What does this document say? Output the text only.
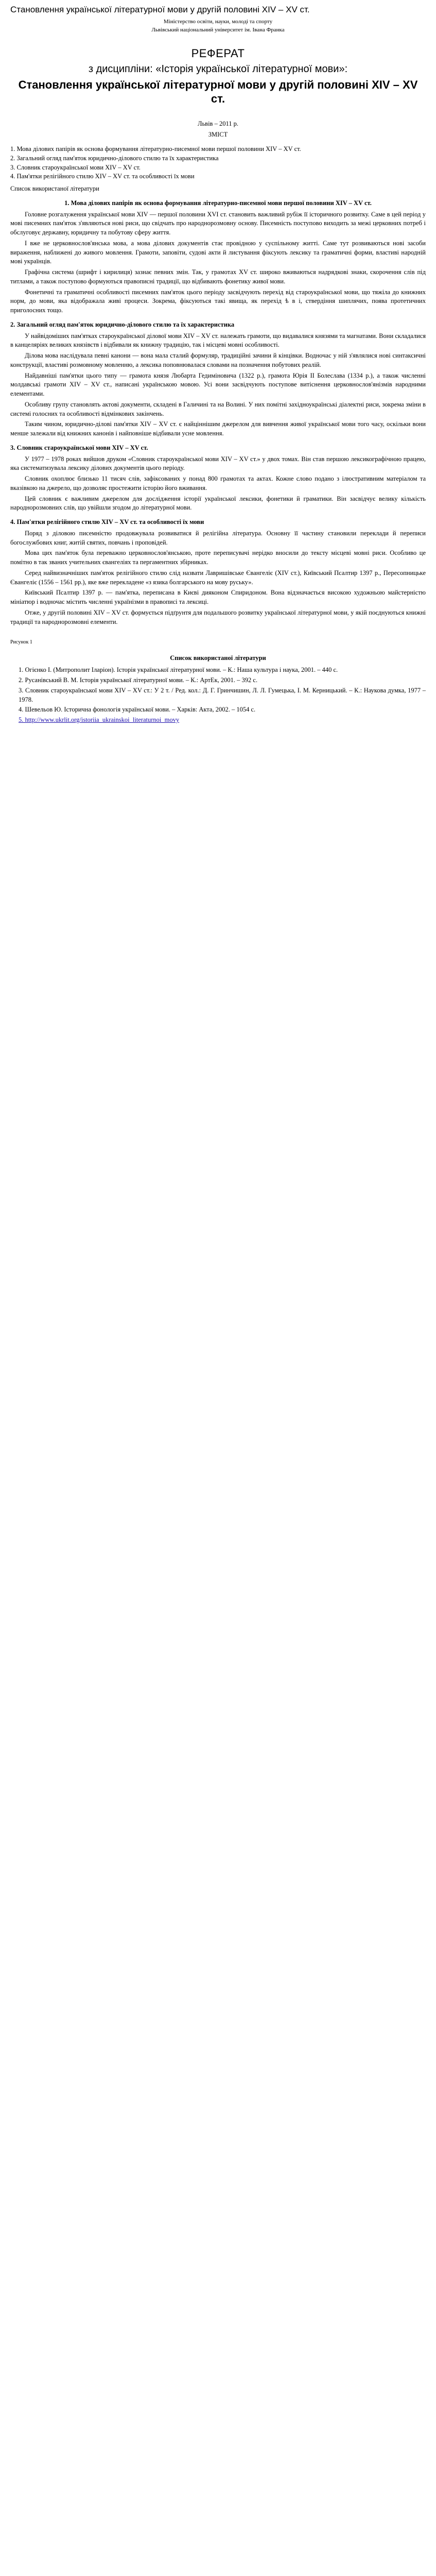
Становлення української літературної мови у другій половині XIV – XV ст.
Міністерство освіти, науки, молоді та спорту
Львівський національний університет ім. Івана Франка
РЕФЕРАТ
з дисципліни: «Історія української літературної мови»:
Становлення української літературної мови у другій половині XIV – XV ст.
Львів – 2011 р.
ЗМІСТ
1. Мова ділових папірів як основа формування літературно-писемної мови першої половини XIV – XV ст.
2. Загальний огляд пам'яток юридично-ділового стилю та їх характеристика
3. Словник староукраїнської мови XIV – XV ст.
4. Пам'ятки релігійного стилю XIV – XV ст. та особливості їх мови
Список використаної літератури
1. Мова ділових папірів як основа формування літературно-писемної мови першої половини XIV – XV ст.

Головне розгалуження української мови XIV — першої половини XVI ст. становить важливий рубіж її історичного розвитку. Саме в цей період у мові писемних пам'яток з'являються нові риси, що свідчать про народнорозмовну основу. Писемність поступово виходить за межі церковних потреб і обслуговує державну, юридичну та побутову сферу життя.

І вже не церковнослов'янська мова, а мова ділових документів стає провідною у суспільному житті. Саме тут розвиваються нові засоби вираження, наближені до живого мовлення. Грамоти, заповіти, судові акти й листування фіксують лексику та граматичні форми, властиві народній мові українців.

Графічна система (шрифт і кирилиця) зазнає певних змін. Так, у грамотах XV ст. широко вживаються надрядкові знаки, скорочення слів під титлами, а також поступово формуються правописні традиції, що відбивають фонетику живої мови.

Фонетичні та граматичні особливості писемних пам'яток цього періоду засвідчують перехід від староукраїнської мови, що тяжіла до книжних норм, до мови, яка відображала живі процеси. Зокрема, фіксуються такі явища, як перехід ѣ в і, ствердіння шиплячих, поява протетичних приголосних тощо.

2. Загальний огляд пам'яток юридично-ділового стилю та їх характеристика

У найвідоміших пам'ятках староукраїнської ділової мови XIV – XV ст. належать грамоти, що видавалися князями та магнатами. Вони складалися в канцеляріях великих князівств і відбивали як книжну традицію, так і місцеві мовні особливості.

Ділова мова наслідувала певні канони — вона мала сталий формуляр, традиційні зачини й кінцівки. Водночас у ній з'являлися нові синтаксичні конструкції, властиві розмовному мовленню, а лексика поповнювалася словами на позначення побутових реалій.

Найдавніші пам'ятки цього типу — грамота князя Любарта Гедиміновича (1322 р.), грамота Юрія II Болеслава (1334 р.), а також численні молдавські грамоти XIV – XV ст., написані українською мовою. Усі вони засвідчують поступове витіснення церковнослов'янізмів народними елементами.

Особливу групу становлять актові документи, складені в Галичині та на Волині. У них помітні західноукраїнські діалектні риси, зокрема зміни в системі голосних та особливості відмінкових закінчень.

Таким чином, юридично-ділові пам'ятки XIV – XV ст. є найціннішим джерелом для вивчення живої української мови того часу, оскільки вони менше залежали від книжних канонів і найповніше відбивали усне мовлення.

3. Словник староукраїнської мови XIV – XV ст.

У 1977 – 1978 роках вийшов друком «Словник староукраїнської мови XIV – XV ст.» у двох томах. Він став першою лексикографічною працею, яка систематизувала лексику ділових документів цього періоду.

Словник охоплює близько 11 тисяч слів, зафіксованих у понад 800 грамотах та актах. Кожне слово подано з ілюстративним матеріалом та вказівкою на джерело, що дозволяє простежити історію його вживання.

Цей словник є важливим джерелом для дослідження історії української лексики, фонетики й граматики. Він засвідчує велику кількість народнорозмовних слів, що увійшли згодом до літературної мови.

4. Пам'ятки релігійного стилю XIV – XV ст. та особливості їх мови

Поряд з діловою писемністю продовжувала розвиватися й релігійна література. Основну її частину становили переклади й переписи богослужбових книг, житій святих, повчань і проповідей.

Мова цих пам'яток була переважно церковнослов'янською, проте переписувачі нерідко вносили до тексту місцеві мовні риси. Особливо це помітно в так званих учительних євангеліях та пергаментних збірниках.

Серед найвизначніших пам'яток релігійного стилю слід назвати Лавришівське Євангеліє (XIV ст.), Київський Псалтир 1397 р., Пересопницьке Євангеліє (1556 – 1561 рр.), яке вже перекладене «з язика болгарського на мову руську».

Київський Псалтир 1397 р. — пам'ятка, переписана в Києві дияконом Спиридоном. Вона відзначається високою художньою майстерністю мініатюр і водночас містить численні українізми в правописі та лексиці.

Отже, у другій половині XIV – XV ст. формується підґрунтя для подальшого розвитку української літературної мови, у якій поєднуються книжні традиції та народнорозмовні елементи.

Рисунок 1
Список використаної літератури
1. Огієнко І. (Митрополит Іларіон). Історія української літературної мови. – К.: Наша культура і наука, 2001. – 440 с.
2. Русанівський В. М. Історія української літературної мови. – К.: АртЕк, 2001. – 392 с.
3. Словник староукраїнської мови XIV – XV ст.: У 2 т. / Ред. кол.: Д. Г. Гринчишин, Л. Л. Гумецька, І. М. Керницький. – К.: Наукова думка, 1977 – 1978.
4. Шевельов Ю. Історична фонологія української мови. – Харків: Акта, 2002. – 1054 с.
5. http://www.ukrlit.org/istoriia_ukrainskoi_literaturnoi_movy
